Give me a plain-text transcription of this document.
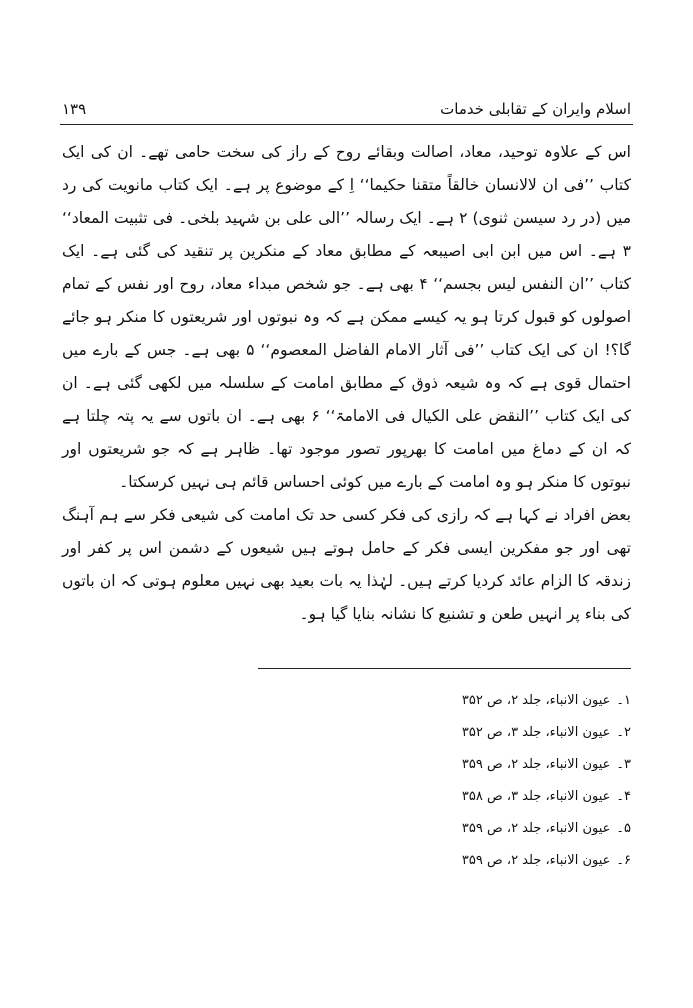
اسلام وایران کے تقابلی خدمات
۱۳۹

اس کے علاوہ توحید، معاد، اصالت وبقائے روح کے راز کی سخت حامی تھے۔ ان کی ایک کتاب ’’فی ان لالانسان خالقاً متقنا حکیما‘‘ اِ کے موضوع پر ہے۔ ایک کتاب مانویت کی رد میں (در رد سیسن ثنوی) ۲ ہے۔ ایک رسالہ ’’الی علی بن شہید بلخی۔ فی تثبیت المعاد‘‘ ۳ ہے۔ اس میں ابن ابی اصیبعہ کے مطابق معاد کے منکرین پر تنقید کی گئی ہے۔ ایک کتاب ’’ان النفس لیس بجسم‘‘ ۴ بھی ہے۔ جو شخص مبداء معاد، روح اور نفس کے تمام اصولوں کو قبول کرتا ہو یہ کیسے ممکن ہے کہ وہ نبوتوں اور شریعتوں کا منکر ہو جائے گا؟! ان کی ایک کتاب ’’فی آثار الامام الفاضل المعصوم‘‘ ۵ بھی ہے۔ جس کے بارے میں احتمال قوی ہے کہ وہ شیعہ ذوق کے مطابق امامت کے سلسلہ میں لکھی گئی ہے۔ ان کی ایک کتاب ’’النقض علی الکیال فی الامامۃ‘‘ ۶ بھی ہے۔ ان باتوں سے یہ پتہ چلتا ہے کہ ان کے دماغ میں امامت کا بھرپور تصور موجود تھا۔ ظاہر ہے کہ جو شریعتوں اور نبوتوں کا منکر ہو وہ امامت کے بارے میں کوئی احساس قائم ہی نہیں کرسکتا۔

بعض افراد نے کہا ہے کہ رازی کی فکر کسی حد تک امامت کی شیعی فکر سے ہم آہنگ تھی اور جو مفکرین ایسی فکر کے حامل ہوتے ہیں شیعوں کے دشمن اس پر کفر اور زندقہ کا الزام عائد کردیا کرتے ہیں۔ لہٰذا یہ بات بعید بھی نہیں معلوم ہوتی کہ ان باتوں کی بناء پر انہیں طعن و تشنیع کا نشانہ بنایا گیا ہو۔

۱۔
عیون الانباء، جلد ۲، ص ۳۵۲
۲۔
عیون الانباء، جلد ۳، ص ۳۵۲
۳۔
عیون الانباء، جلد ۲، ص ۳۵۹
۴۔
عیون الانباء، جلد ۳، ص ۳۵۸
۵۔
عیون الانباء، جلد ۲، ص ۳۵۹
۶۔
عیون الانباء، جلد ۲، ص ۳۵۹
